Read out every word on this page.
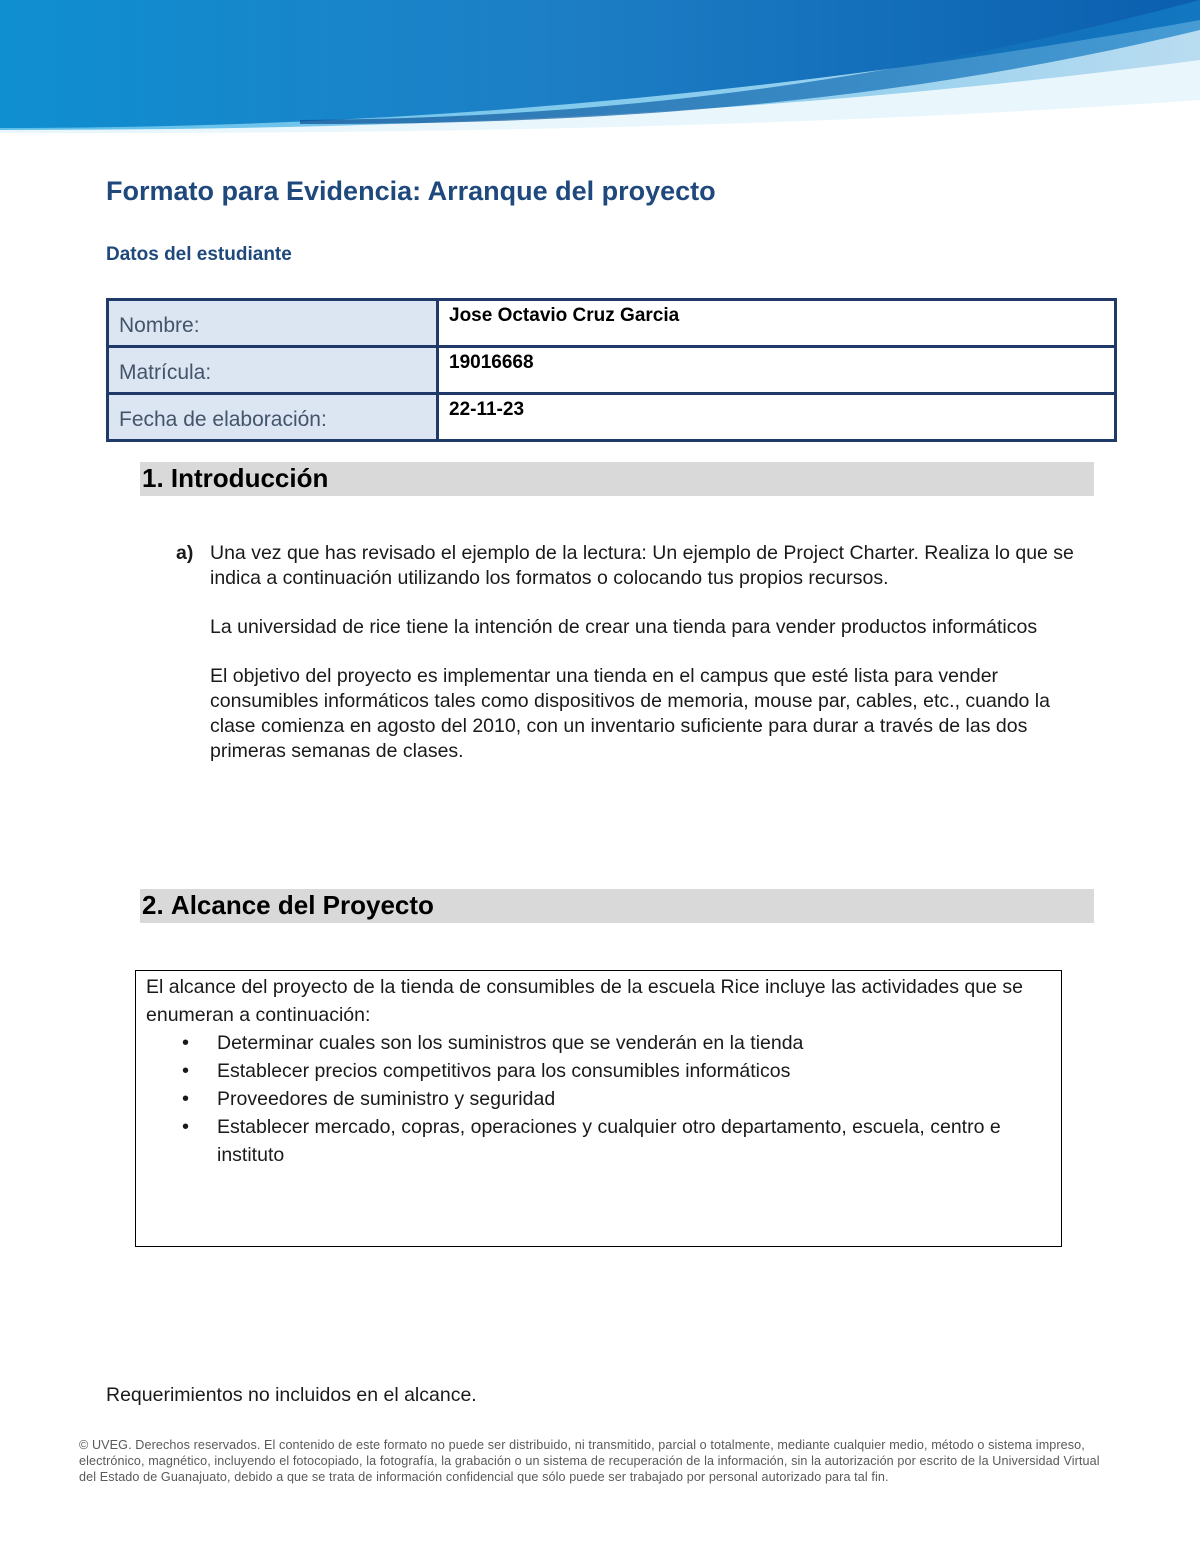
Formato para Evidencia: Arranque del proyecto
Datos del estudiante
Nombre:	Jose Octavio Cruz Garcia
Matrícula:	19016668
Fecha de elaboración:	22-11-23
1. Introducción
a) Una vez que has revisado el ejemplo de la lectura: Un ejemplo de Project Charter. Realiza lo que se indica a continuación utilizando los formatos o colocando tus propios recursos.

La universidad de rice tiene la intención de crear una tienda para vender productos informáticos

El objetivo del proyecto es implementar una tienda en el campus que esté lista para vender consumibles informáticos tales como dispositivos de memoria, mouse par, cables, etc., cuando la clase comienza en agosto del 2010, con un inventario suficiente para durar a través de las dos primeras semanas de clases.

2. Alcance del Proyecto

El alcance del proyecto de la tienda de consumibles de la escuela Rice incluye las actividades que se enumeran a continuación:

• Determinar cuales son los suministros que se venderán en la tienda
• Establecer precios competitivos para los consumibles informáticos
• Proveedores de suministro y seguridad
• Establecer mercado, copras, operaciones y cualquier otro departamento, escuela, centro e instituto

Requerimientos no incluidos en el alcance.

© UVEG. Derechos reservados. El contenido de este formato no puede ser distribuido, ni transmitido, parcial o totalmente, mediante cualquier medio, método o sistema impreso, electrónico, magnético, incluyendo el fotocopiado, la fotografía, la grabación o un sistema de recuperación de la información, sin la autorización por escrito de la Universidad Virtual del Estado de Guanajuato, debido a que se trata de información confidencial que sólo puede ser trabajado por personal autorizado para tal fin.
